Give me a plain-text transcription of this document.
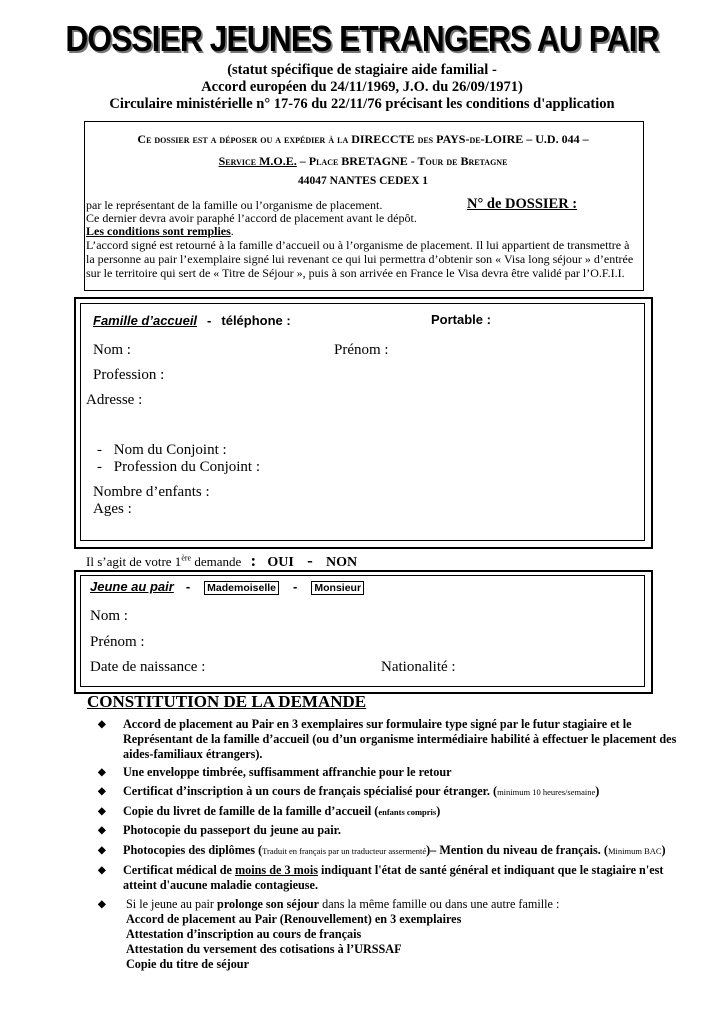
DOSSIER JEUNES ETRANGERS AU PAIR
(statut spécifique de stagiaire aide familial -
Accord européen du 24/11/1969, J.O. du 26/09/1971)
Circulaire ministérielle n° 17-76 du 22/11/76 précisant les conditions d'application
Ce dossier est a déposer ou a expédier à la DIRECCTE des PAYS-de-LOIRE – U.D. 044 –
Service M.O.E. – Place BRETAGNE - Tour de Bretagne
44047 NANTES CEDEX 1
N° de DOSSIER :
par le représentant de la famille ou l’organisme de placement.
Ce dernier devra avoir paraphé l’accord de placement avant le dépôt.
Les conditions sont remplies.
L’accord signé est retourné à la famille d’accueil ou à l’organisme de placement. Il lui appartient de transmettre à
la personne au pair l’exemplaire signé lui revenant ce qui lui permettra d’obtenir son « Visa long séjour » d’entrée
sur le territoire qui sert de « Titre de Séjour », puis à son arrivée en France le Visa devra être validé par l’O.F.I.I.
Famille d’accueil - téléphone :	Portable :
Nom :	Prénom :
Profession :
Adresse :
- Nom du Conjoint :
- Profession du Conjoint :
Nombre d’enfants :
Ages :
Il s’agit de votre 1ère demande : OUI - NON
Jeune au pair - Mademoiselle - Monsieur
Nom :
Prénom :
Date de naissance :	Nationalité :
CONSTITUTION DE LA DEMANDE
◆ Accord de placement au Pair en 3 exemplaires sur formulaire type signé par le futur stagiaire et le
Représentant de la famille d’accueil (ou d’un organisme intermédiaire habilité à effectuer le placement des
aides-familiaux étrangers).
◆ Une enveloppe timbrée, suffisamment affranchie pour le retour
◆ Certificat d’inscription à un cours de français spécialisé pour étranger. (minimum 10 heures/semaine)
◆ Copie du livret de famille de la famille d’accueil (enfants compris)
◆ Photocopie du passeport du jeune au pair.
◆ Photocopies des diplômes (Traduit en français par un traducteur assermenté)– Mention du niveau de français. (Minimum BAC)
◆ Certificat médical de moins de 3 mois indiquant l'état de santé général et indiquant que le stagiaire n'est
atteint d'aucune maladie contagieuse.
◆ Si le jeune au pair prolonge son séjour dans la même famille ou dans une autre famille :
Accord de placement au Pair (Renouvellement) en 3 exemplaires
Attestation d’inscription au cours de français
Attestation du versement des cotisations à l’URSSAF
Copie du titre de séjour
